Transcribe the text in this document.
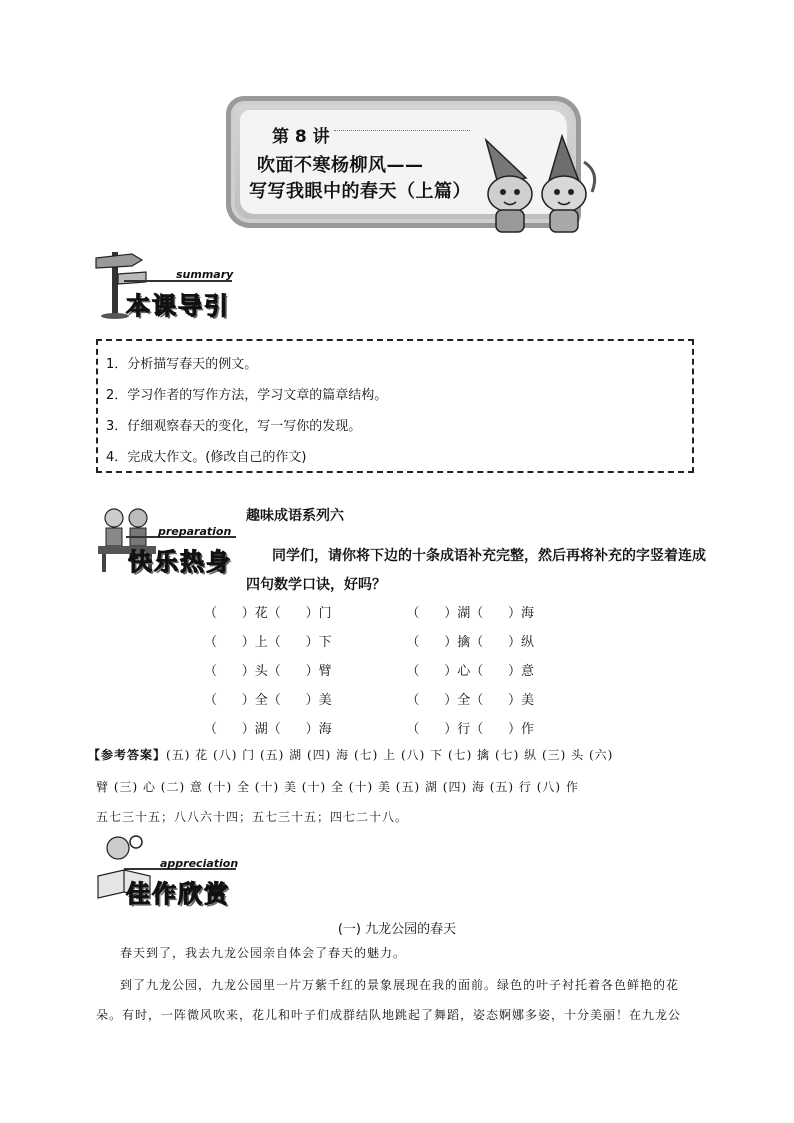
第 8 讲
吹面不寒杨柳风——
写写我眼中的春天（上篇）
summary
本课导引
1．分析描写春天的例文。
2．学习作者的写作方法，学习文章的篇章结构。
3．仔细观察春天的变化，写一写你的发现。
4．完成大作文。(修改自己的作文)
preparation
快乐热身
趣味成语系列六
同学们，请你将下边的十条成语补充完整，然后再将补充的字竖着连成
四句数学口诀，好吗？
（      ）花（      ）门	（      ）湖（      ）海
（      ）上（      ）下	（      ）擒（      ）纵
（      ）头（      ）臂	（      ）心（      ）意
（      ）全（      ）美	（      ）全（      ）美
（      ）湖（      ）海	（      ）行（      ）作
【参考答案】(五) 花 (八) 门 (五) 湖 (四) 海 (七) 上 (八) 下 (七) 擒 (七) 纵 (三) 头 (六)
臂 (三) 心 (二) 意 (十) 全 (十) 美 (十) 全 (十) 美 (五) 湖 (四) 海 (五) 行 (八) 作
五七三十五；八八六十四；五七三十五；四七二十八。
appreciation
佳作欣赏
(一) 九龙公园的春天
春天到了，我去九龙公园亲自体会了春天的魅力。
到了九龙公园，九龙公园里一片万紫千红的景象展现在我的面前。绿色的叶子衬托着各色鲜艳的花
朵。有时，一阵微风吹来，花儿和叶子们成群结队地跳起了舞蹈，姿态婀娜多姿，十分美丽！在九龙公
